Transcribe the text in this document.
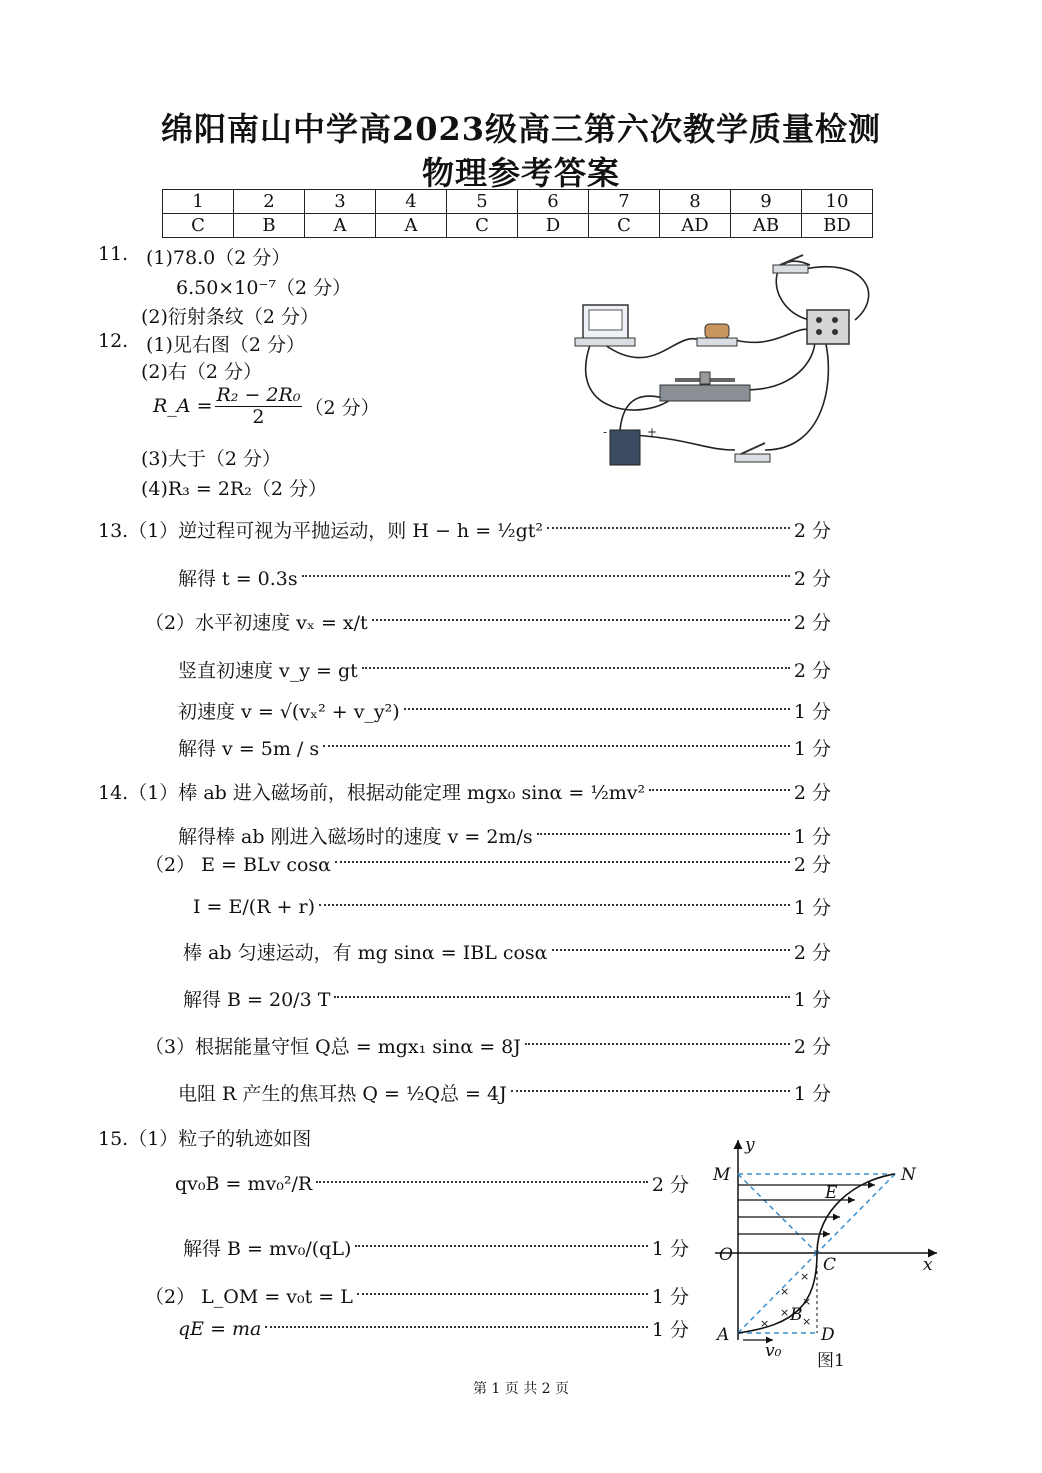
绵阳南山中学高2023级高三第六次教学质量检测
物理参考答案
1	2	3	4	5	6	7	8	9	10
C	B	A	A	C	D	C	AD	AB	BD
11. (1)78.0（2 分）
6.50×10⁻⁷（2 分）
(2)衍射条纹（2 分）
12. (1)见右图（2 分）
(2)右（2 分）
R_A = $\frac{\text{R₂ − 2R₀}}{2} (2$ 分）
(3)大于（2 分）
(4)R₃ = 2R₂（2 分）
-	+
13.（1）逆过程可视为平抛运动，则 H − h = ½gt²	2 分
解得 t = 0.3s	2 分
（2）水平初速度 vₓ = x/t	2 分
竖直初速度 v_y = gt	2 分
初速度 v = √(vₓ² + v_y²)	1 分
解得 v = 5m / s	1 分
14.（1）棒 ab 进入磁场前，根据动能定理 mgx₀ sinα = ½mv²	2 分
解得棒 ab 刚进入磁场时的速度 v = 2m/s	1 分
（2） E = BLv cosα	2 分
I = E/(R + r)	1 分
棒 ab 匀速运动，有 mg sinα = IBL cosα	2 分
解得 B = 20/3 T	1 分
（3）根据能量守恒 Q总 = mgx₁ sinα = 8J	2 分
电阻 R 产生的焦耳热 Q = ½Q总 = 4J	1 分
15.（1）粒子的轨迹如图
qv₀B = mv₀²/R	2 分
解得 B = mv₀/(qL)	1 分
（2） L_OM = v₀t = L	1 分
qE = ma	1 分	×
×
×
×
×
×
y
x
M	N
E
O	C
B
A	D
v₀ 图1
第 1 页 共 2 页
